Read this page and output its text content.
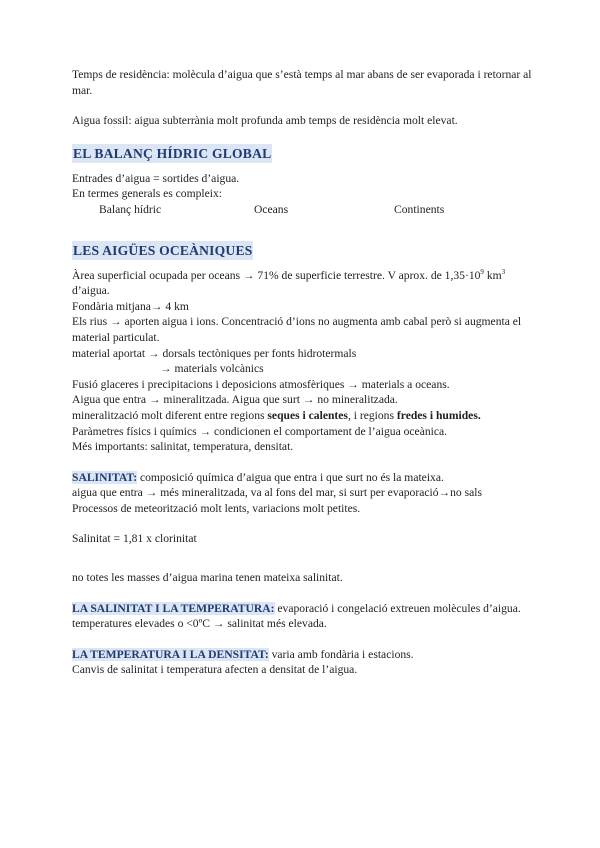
Temps de residència: molècula d’aigua que s’està temps al mar abans de ser evaporada i retornar al mar.

Aigua fossil: aigua subterrània molt profunda amb temps de residència molt elevat.

EL BALANÇ HÍDRIC GLOBAL

Entrades d’aigua = sortides d’aigua.

En termes generals es compleix:

Balanç hídric	Oceans	Continents
LES AIGÜES OCEÀNIQUES

Àrea superficial ocupada per oceans → 71% de superficie terrestre. V aprox. de $1,35\cdot 10^9$ $km^3$
d’aigua.

Fondària mitjana→ 4 km

Els rius → aporten aigua i ions. Concentració d’ions no augmenta amb cabal però si augmenta el material particulat.

material aportat → dorsals tectòniques per fonts hidrotermals

→ materials volcànics

Fusió glaceres i precipitacions i deposicions atmosfèriques → materials a oceans.

Aigua que entra → mineralitzada. Aigua que surt → no mineralitzada.

mineralització molt diferent entre regions seques i calentes, i regions fredes i humides.

Paràmetres físics i químics → condicionen el comportament de l’aigua oceànica.

Més importants: salinitat, temperatura, densitat.

SALINITAT: composició química d’aigua que entra i que surt no és la mateixa.

aigua que entra → més mineralitzada, va al fons del mar, si surt per evaporació→no sals

Processos de meteorització molt lents, variacions molt petites.

Salinitat = 1,81 x clorinitat

no totes les masses d’aigua marina tenen mateixa salinitat.

LA SALINITAT I LA TEMPERATURA: evaporació i congelació extreuen molècules d’aigua.

temperatures elevades o <0ºC → salinitat més elevada.

LA TEMPERATURA I LA DENSITAT: varia amb fondària i estacions.

Canvis de salinitat i temperatura afecten a densitat de l’aigua.
